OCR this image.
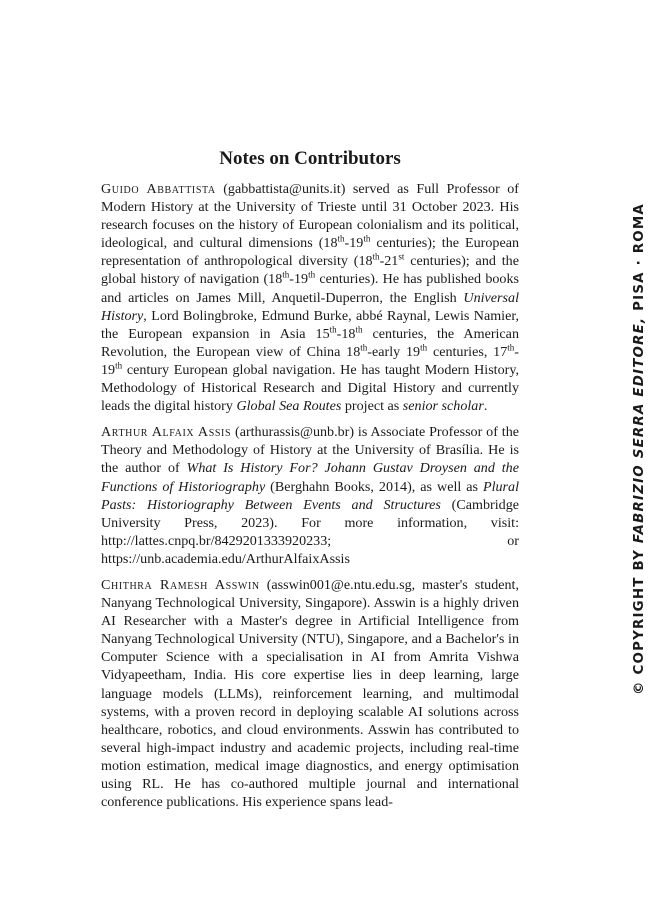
Notes on Contributors

Guido Abbattista (gabbattista@units.it) served as Full Professor of Modern History at the University of Trieste until 31 October 2023. His research focuses on the history of European colonialism and its political, ideological, and cultural dimensions (18th-19th centuries); the European representation of anthropological diversity (18th-21st centuries); and the global history of navigation (18th-19th centuries). He has published books and articles on James Mill, Anquetil-Duperron, the English Universal History, Lord Bolingbroke, Edmund Burke, abbé Raynal, Lewis Namier, the European expansion in Asia 15th-18th centuries, the American Revolution, the European view of China 18th-early 19th centuries, 17th-19th century European global navigation. He has taught Modern History, Methodology of Historical Research and Digital History and currently leads the digital history Global Sea Routes project as senior scholar.

Arthur Alfaix Assis (arthurassis@unb.br) is Associate Professor of the Theory and Methodology of History at the University of Brasília. He is the author of What Is History For? Johann Gustav Droysen and the Functions of Historiography (Berghahn Books, 2014), as well as Plural Pasts: Historiography Between Events and Structures (Cambridge University Press, 2023). For more information, visit: http://lattes.cnpq.br/8429201333920233; or https://unb.academia.edu/ArthurAlfaixAssis

Chithra Ramesh Asswin (asswin001@e.ntu.edu.sg, master's student, Nanyang Technological University, Singapore). Asswin is a highly driven AI Researcher with a Master's degree in Artificial Intelligence from Nanyang Technological University (NTU), Singapore, and a Bachelor's in Computer Science with a specialisation in AI from Amrita Vishwa Vidyapeetham, India. His core expertise lies in deep learning, large language models (LLMs), reinforcement learning, and multimodal systems, with a proven record in deploying scalable AI solutions across healthcare, robotics, and cloud environments. Asswin has contributed to several high-impact industry and academic projects, including real-time motion estimation, medical image diagnostics, and energy optimisation using RL. He has co-authored multiple journal and international conference publications. His experience spans lead-

© COPYRIGHT BY FABRIZIO SERRA EDITORE, PISA · ROMA
